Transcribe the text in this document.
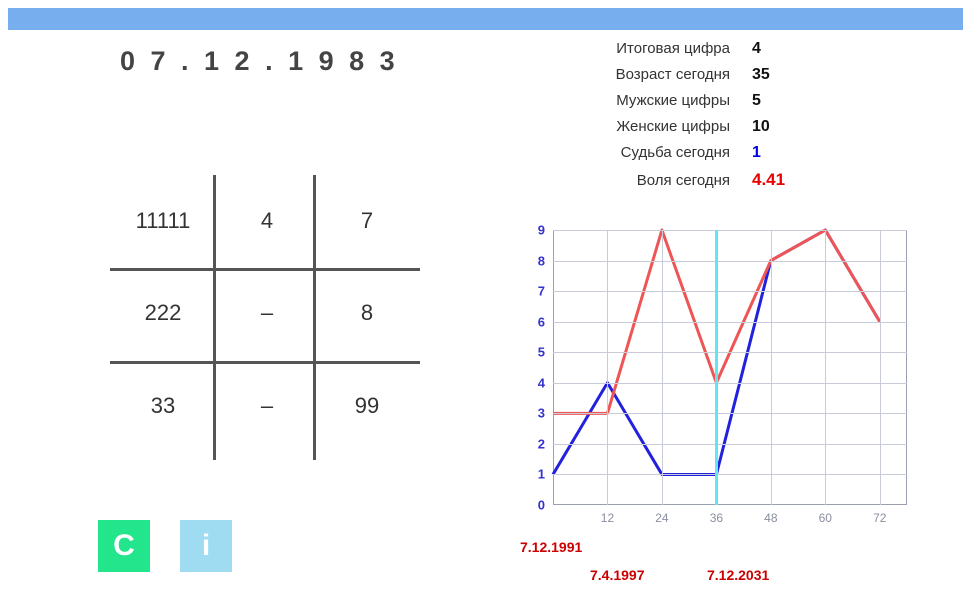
0 7 . 1 2 . 1 9 8 3
11111	4	7
222	–	8
33	–	99
C	i
Итоговая цифра	4
Возраст сегодня	35
Мужские цифры	5
Женские цифры	10
Судьба сегодня	1
Воля сегодня	4.41
0
1
2
3
4
5
6
7
8
9
12	24	36	48	60	72
7.12.1991
7.4.1997	7.12.2031
